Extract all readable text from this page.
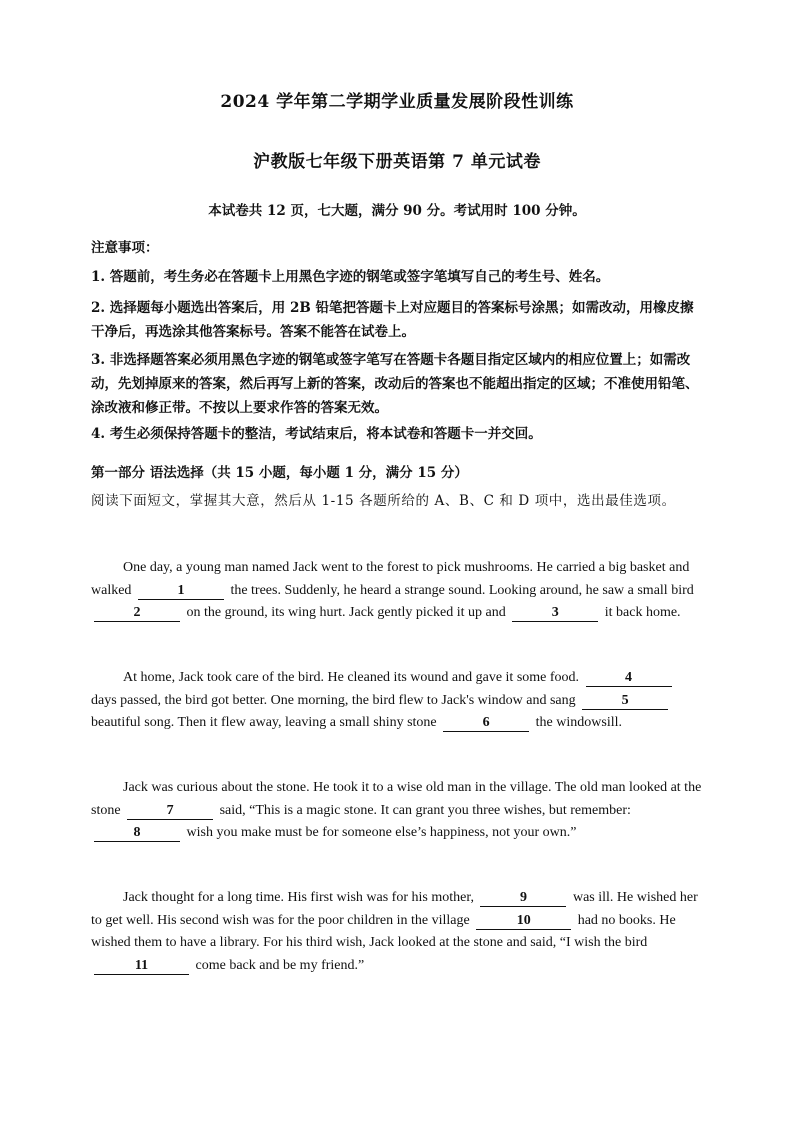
2024 学年第二学期学业质量发展阶段性训练
沪教版七年级下册英语第 7 单元试卷
本试卷共 12 页，七大题，满分 90 分。考试用时 100 分钟。
注意事项：
1. 答题前，考生务必在答题卡上用黑色字迹的钢笔或签字笔填写自己的考生号、姓名。
2. 选择题每小题选出答案后，用 2B 铅笔把答题卡上对应题目的答案标号涂黑；如需改动，用橡皮擦干净后，再选涂其他答案标号。答案不能答在试卷上。
3. 非选择题答案必须用黑色字迹的钢笔或签字笔写在答题卡各题目指定区域内的相应位置上；如需改动，先划掉原来的答案，然后再写上新的答案，改动后的答案也不能超出指定的区域；不准使用铅笔、涂改液和修正带。不按以上要求作答的答案无效。
4. 考生必须保持答题卡的整洁，考试结束后，将本试卷和答题卡一并交回。
第一部分 语法选择（共 15 小题，每小题 1 分，满分 15 分）
阅读下面短文，掌握其大意，然后从 1-15 各题所给的 A、B、C 和 D 项中，选出最佳选项。
One day, a young man named Jack went to the forest to pick mushrooms. He carried a big basket and walked	1	the trees. Suddenly, he heard a strange sound. Looking around, he saw a small bird 2	on the ground, its wing hurt. Jack gently picked it up and	3	it back home.
At home, Jack took care of the bird. He cleaned its wound and gave it some food.	4 days passed, the bird got better. One morning, the bird flew to Jack's window and sang	5 beautiful song. Then it flew away, leaving a small shiny stone	6	the windowsill.
Jack was curious about the stone. He took it to a wise old man in the village. The old man looked at the stone	7	said, “This is a magic stone. It can grant you three wishes, but remember: 8	wish you make must be for someone else’s happiness, not your own.”
Jack thought for a long time. His first wish was for his mother,	9	was ill. He wished her to get well. His second wish was for the poor children in the village	10	had no books. He wished them to have a library. For his third wish, Jack looked at the stone and said, “I wish the bird 11	come back and be my friend.”
